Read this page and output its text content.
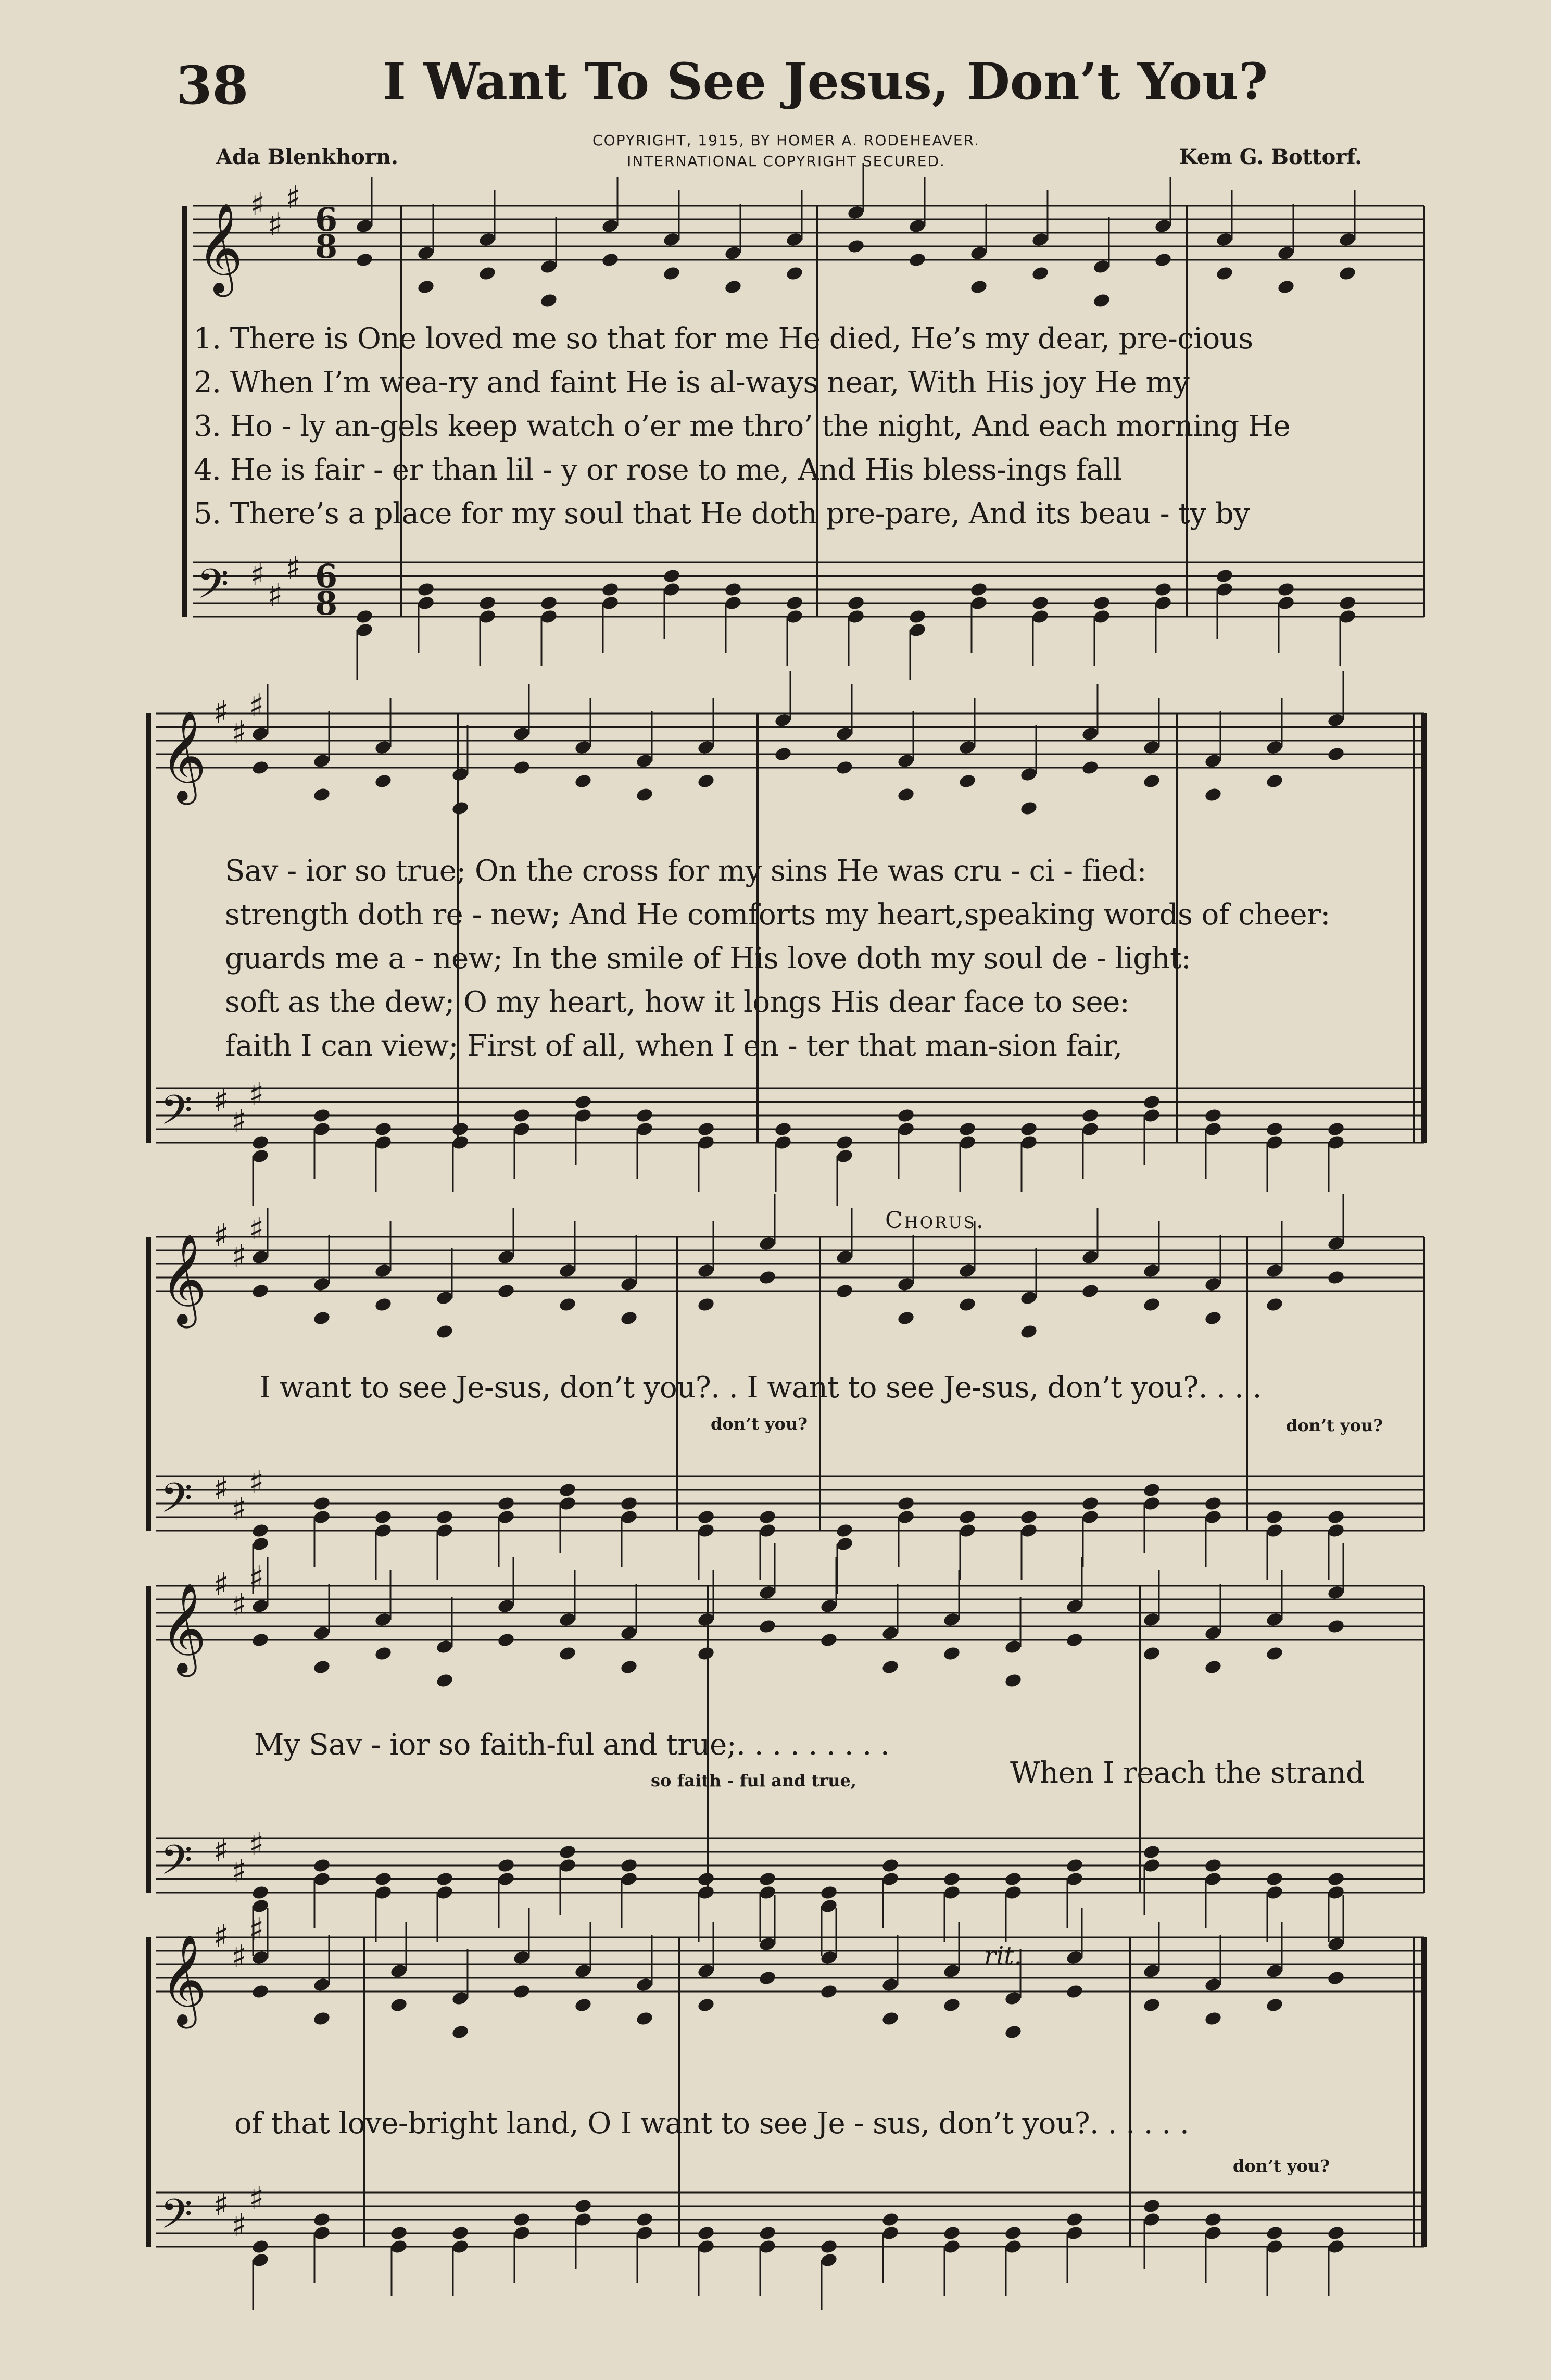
38	I Want To See Jesus, Don’t You?
COPYRIGHT, 1915, BY HOMER A. RODEHEAVER.
INTERNATIONAL COPYRIGHT SECURED.
Ada Blenkhorn.	Kem G. Bottorf.
𝄞 ♯
♯
♯
6
8
𝄢 ♯
♯
♯ 6
8
𝄞 ♯
♯
♯
𝄢 ♯
♯
♯
𝄞 ♯
♯
♯
𝄢 ♯
♯
♯
𝄞 ♯
♯
♯
𝄢 ♯
♯
♯
𝄞 ♯
♯
♯
𝄢 ♯
♯
♯
1. There is One loved me so that for me He died, He’s my dear, pre-cious
2. When I’m wea-ry and faint He is al-ways near, With His joy He my
3. Ho - ly an-gels keep watch o’er me thro’ the night, And each morning He
4. He is fair - er than lil - y or rose to me, And His bless-ings fall
5. There’s a place for my soul that He doth pre-pare, And its beau - ty by
Sav - ior so true; On the cross for my sins He was cru - ci - fied:
strength doth re - new; And He comforts my heart,speaking words of cheer:
guards me a - new; In the smile of His love doth my soul de - light:
soft as the dew; O my heart, how it longs His dear face to see:
faith I can view; First of all, when I en - ter that man-sion fair,
Chorus.
I want to see Je-sus, don’t you?. . I want to see Je-sus, don’t you?. . . .
don’t you?	don’t you?
My Sav - ior so faith-ful and true;. . . . . . . . .
so faith - ful and true,	When I reach the strand
rit.
of that love-bright land, O I want to see Je - sus, don’t you?. . . . . .
don’t you?
